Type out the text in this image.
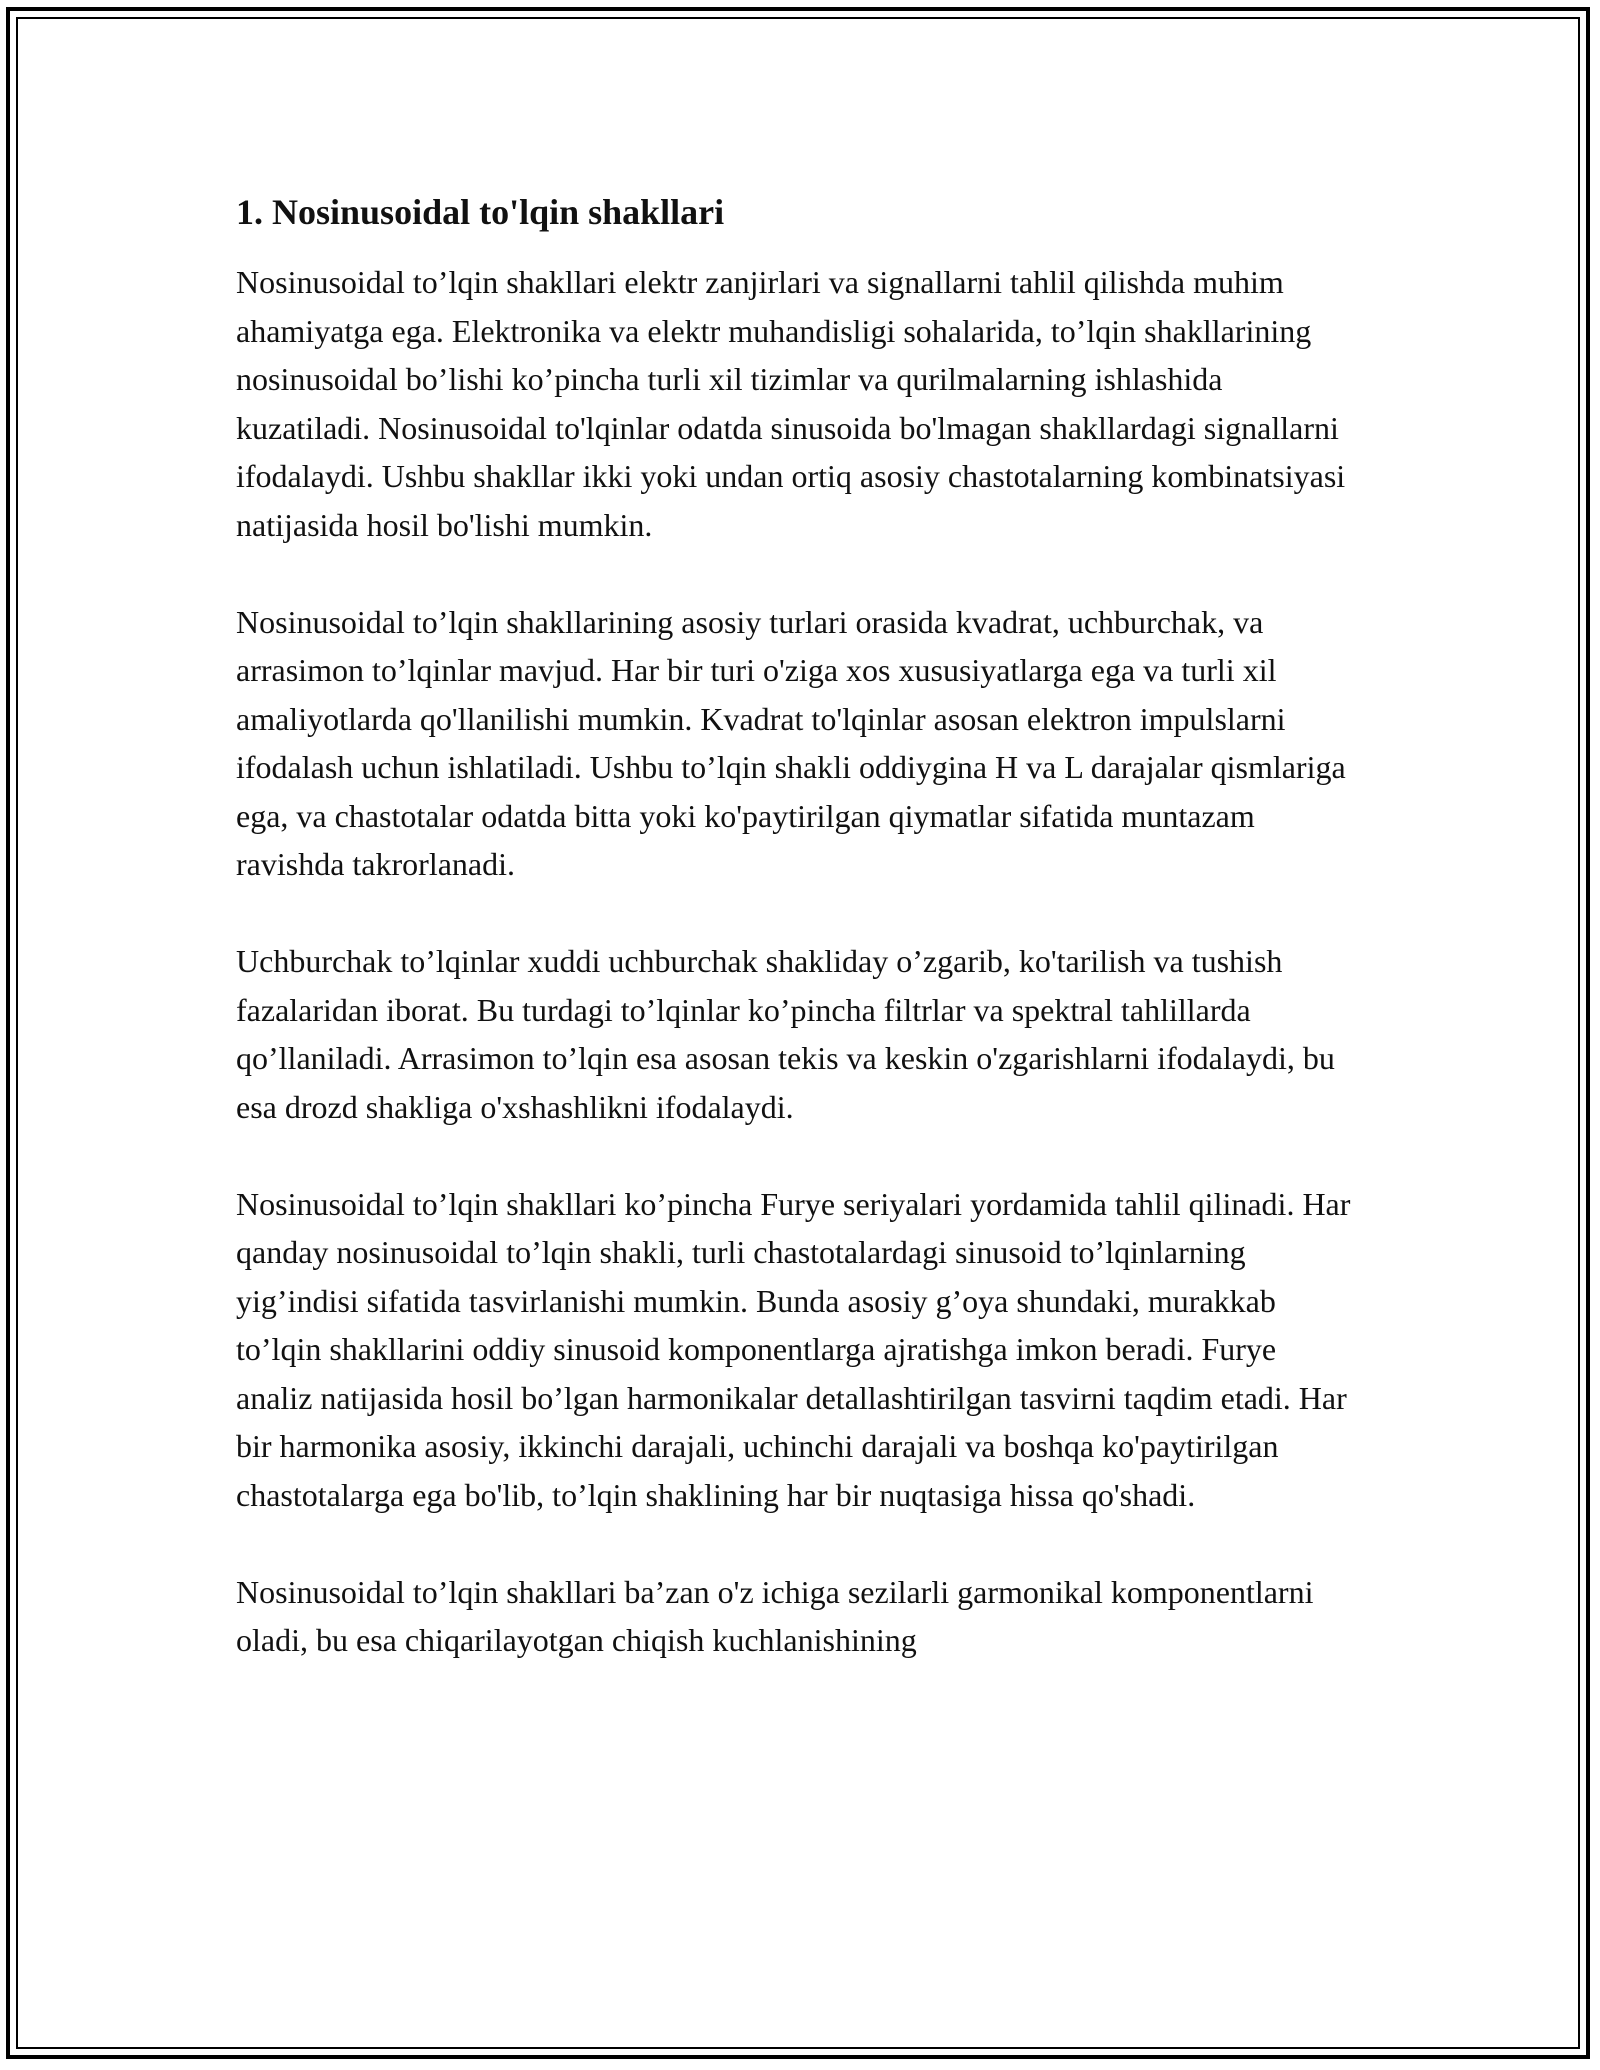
1. Nosinusoidal to'lqin shakllari

Nosinusoidal to’lqin shakllari elektr zanjirlari va signallarni tahlil qilishda muhim ahamiyatga ega. Elektronika va elektr muhandisligi sohalarida, to’lqin shakllarining nosinusoidal bo’lishi ko’pincha turli xil tizimlar va qurilmalarning ishlashida kuzatiladi. Nosinusoidal to'lqinlar odatda sinusoida bo'lmagan shakllardagi signallarni ifodalaydi. Ushbu shakllar ikki yoki undan ortiq asosiy chastotalarning kombinatsiyasi natijasida hosil bo'lishi mumkin.

Nosinusoidal to’lqin shakllarining asosiy turlari orasida kvadrat, uchburchak, va arrasimon to’lqinlar mavjud. Har bir turi o'ziga xos xususiyatlarga ega va turli xil amaliyotlarda qo'llanilishi mumkin. Kvadrat to'lqinlar asosan elektron impulslarni ifodalash uchun ishlatiladi. Ushbu to’lqin shakli oddiygina H va L darajalar qismlariga ega, va chastotalar odatda bitta yoki ko'paytirilgan qiymatlar sifatida muntazam ravishda takrorlanadi.

Uchburchak to’lqinlar xuddi uchburchak shakliday o’zgarib, ko'tarilish va tushish fazalaridan iborat. Bu turdagi to’lqinlar ko’pincha filtrlar va spektral tahlillarda qo’llaniladi. Arrasimon to’lqin esa asosan tekis va keskin o'zgarishlarni ifodalaydi, bu esa drozd shakliga o'xshashlikni ifodalaydi.

Nosinusoidal to’lqin shakllari ko’pincha Furye seriyalari yordamida tahlil qilinadi. Har qanday nosinusoidal to’lqin shakli, turli chastotalardagi sinusoid to’lqinlarning yig’indisi sifatida tasvirlanishi mumkin. Bunda asosiy g’oya shundaki, murakkab to’lqin shakllarini oddiy sinusoid komponentlarga ajratishga imkon beradi. Furye analiz natijasida hosil bo’lgan harmonikalar detallashtirilgan tasvirni taqdim etadi. Har bir harmonika asosiy, ikkinchi darajali, uchinchi darajali va boshqa ko'paytirilgan chastotalarga ega bo'lib, to’lqin shaklining har bir nuqtasiga hissa qo'shadi.

Nosinusoidal to’lqin shakllari ba’zan o'z ichiga sezilarli garmonikal komponentlarni oladi, bu esa chiqarilayotgan chiqish kuchlanishining
